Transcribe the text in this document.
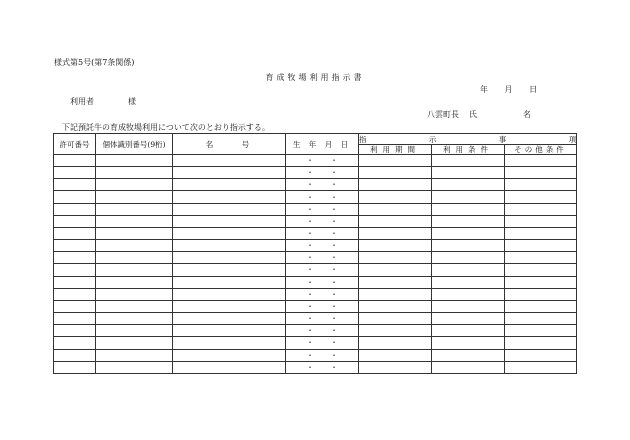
様式第5号(第7条関係)
育成牧場利用指示書
年 月 日
利用者	様
八雲町長 氏	名
下記預託牛の育成牧場利用について次のとおり指示する。
許可番号	個体識別番号(9桁)	名 号	生 年 月 日	指 示 事 項		
				利用期間	利用条件	その他条件
			・ ・			
			・ ・			
			・ ・			
			・ ・			
			・ ・			
			・ ・			
			・ ・			
			・ ・			
			・ ・			
			・ ・			
			・ ・			
			・ ・			
			・ ・			
			・ ・			
			・ ・			
			・ ・			
			・ ・			
			・ ・			
